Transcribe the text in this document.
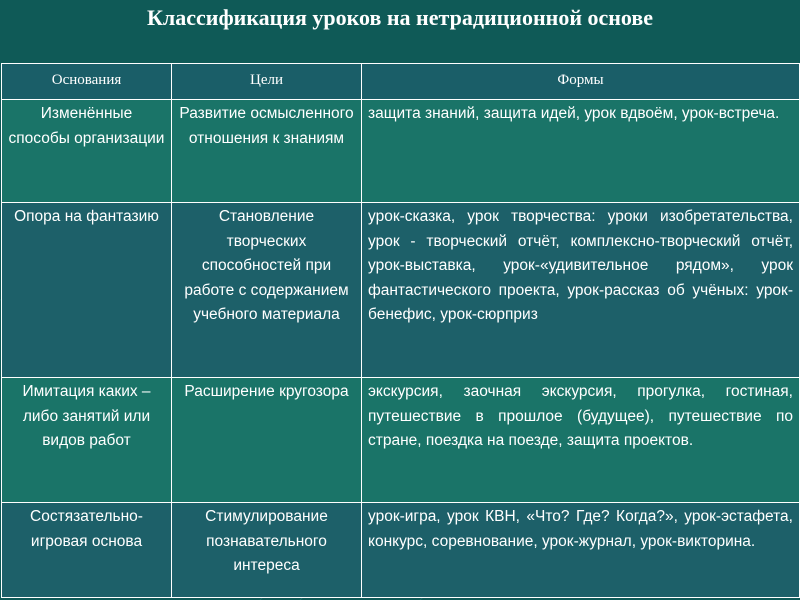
Классификация уроков на нетрадиционной основе
Основания	Цели	Формы
Изменённые способы организации	Развитие осмысленного отношения к знаниям	защита знаний, защита идей, урок вдвоём, урок-встреча.
Опора на фантазию	Становление творческих способностей при работе с содержанием учебного материала	урок-сказка, урок творчества: уроки изобретательства, урок - творческий отчёт, комплексно-творческий отчёт, урок-выставка, урок-«удивительное рядом», урок фантастического проекта, урок-рассказ об учёных: урок-бенефис, урок-сюрприз
Имитация каких – либо занятий или видов работ	Расширение кругозора	экскурсия, заочная экскурсия, прогулка, гостиная, путешествие в прошлое (будущее), путешествие по стране, поездка на поезде, защита проектов.
Состязательно-игровая основа	Стимулирование познавательного интереса	урок-игра, урок КВН, «Что? Где? Когда?», урок-эстафета, конкурс, соревнование, урок-журнал, урок-викторина.
